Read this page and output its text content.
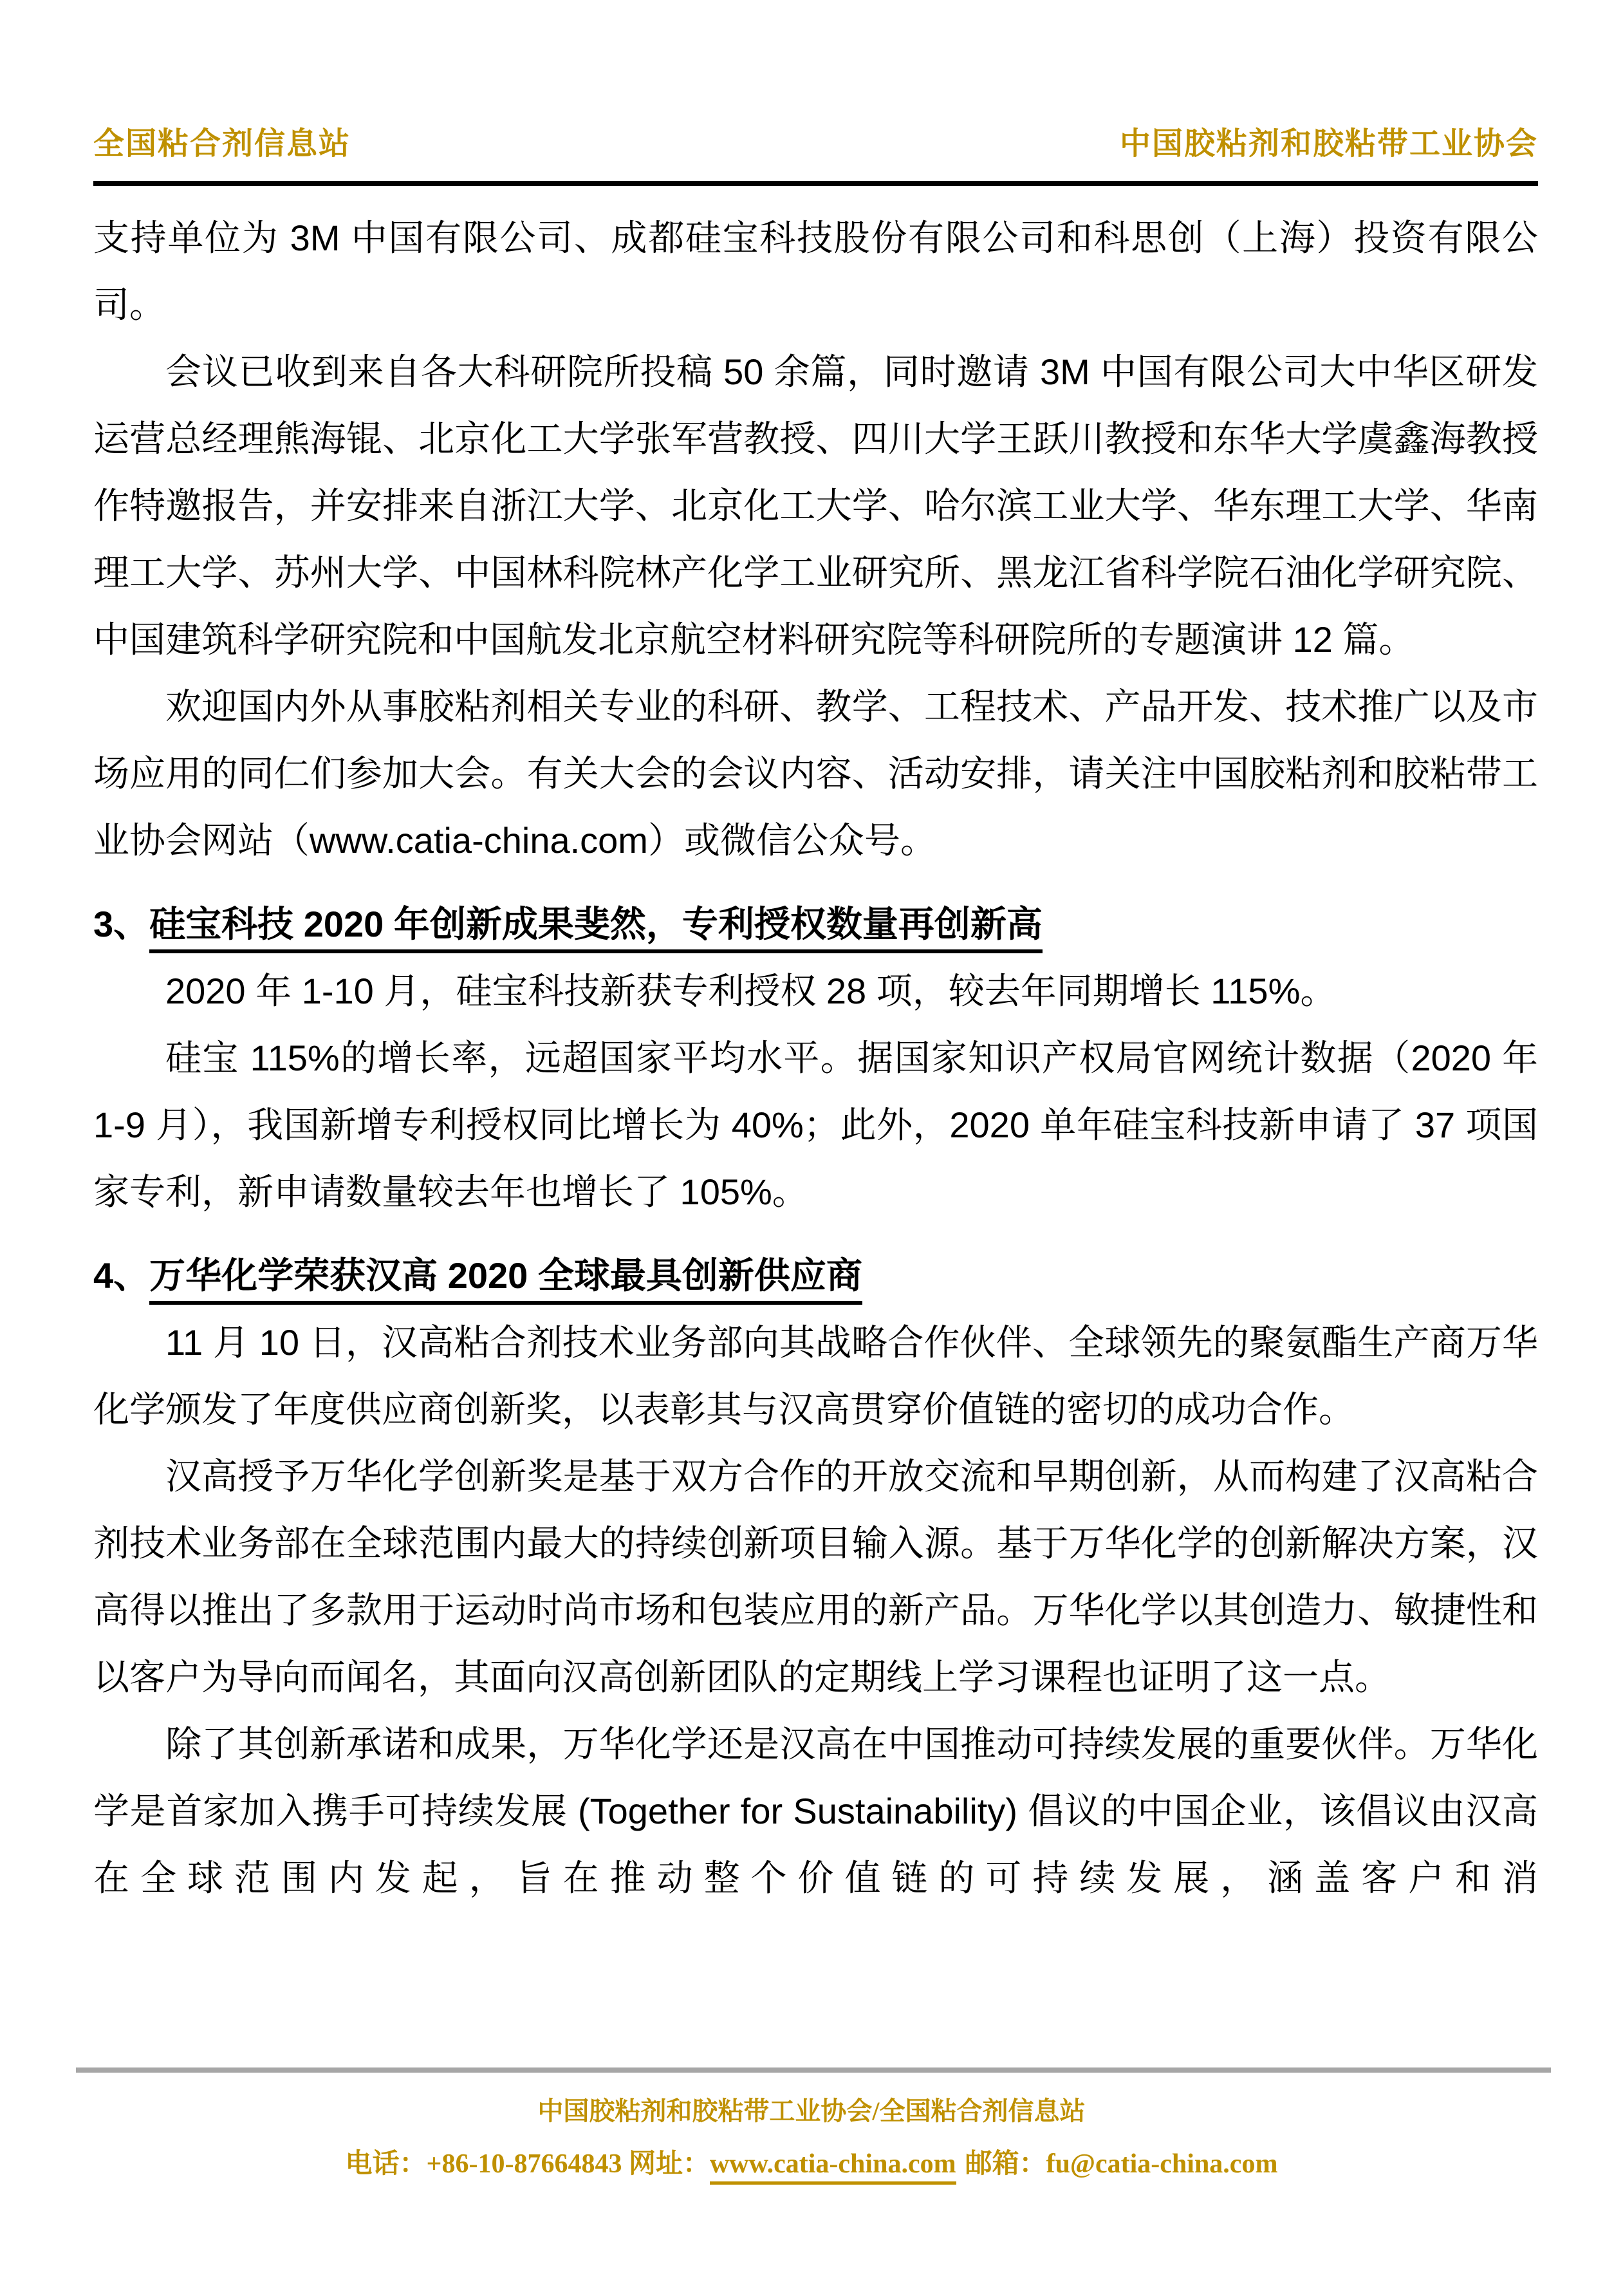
全国粘合剂信息站	中国胶粘剂和胶粘带工业协会

支持单位为 3M 中国有限公司、成都硅宝科技股份有限公司和科思创（上海）投资有限公司。

会议已收到来自各大科研院所投稿 50 余篇，同时邀请 3M 中国有限公司大中华区研发运营总经理熊海锟、北京化工大学张军营教授、四川大学王跃川教授和东华大学虞鑫海教授作特邀报告，并安排来自浙江大学、北京化工大学、哈尔滨工业大学、华东理工大学、华南理工大学、苏州大学、中国林科院林产化学工业研究所、黑龙江省科学院石油化学研究院、中国建筑科学研究院和中国航发北京航空材料研究院等科研院所的专题演讲 12 篇。

欢迎国内外从事胶粘剂相关专业的科研、教学、工程技术、产品开发、技术推广以及市场应用的同仁们参加大会。有关大会的会议内容、活动安排，请关注中国胶粘剂和胶粘带工业协会网站（www.catia-china.com）或微信公众号。

3、硅宝科技 2020 年创新成果斐然，专利授权数量再创新高

2020 年 1-10 月，硅宝科技新获专利授权 28 项，较去年同期增长 115%。

硅宝 115%的增长率，远超国家平均水平。据国家知识产权局官网统计数据（2020 年 1-9 月），我国新增专利授权同比增长为 40%；此外，2020 单年硅宝科技新申请了 37 项国家专利，新申请数量较去年也增长了 105%。

4、万华化学荣获汉高 2020 全球最具创新供应商

11 月 10 日，汉高粘合剂技术业务部向其战略合作伙伴、全球领先的聚氨酯生产商万华化学颁发了年度供应商创新奖，以表彰其与汉高贯穿价值链的密切的成功合作。

汉高授予万华化学创新奖是基于双方合作的开放交流和早期创新，从而构建了汉高粘合剂技术业务部在全球范围内最大的持续创新项目输入源。基于万华化学的创新解决方案，汉高得以推出了多款用于运动时尚市场和包装应用的新产品。万华化学以其创造力、敏捷性和以客户为导向而闻名，其面向汉高创新团队的定期线上学习课程也证明了这一点。

除了其创新承诺和成果，万华化学还是汉高在中国推动可持续发展的重要伙伴。万华化学是首家加入携手可持续发展 (Together for Sustainability) 倡议的中国企业，该倡议由汉高在全球范围内发起，旨在推动整个价值链的可持续发展，涵盖客户和消

中国胶粘剂和胶粘带工业协会/全国粘合剂信息站
电话：+86-10-87664843 网址：www.catia-china.com 邮箱：fu@catia-china.com
